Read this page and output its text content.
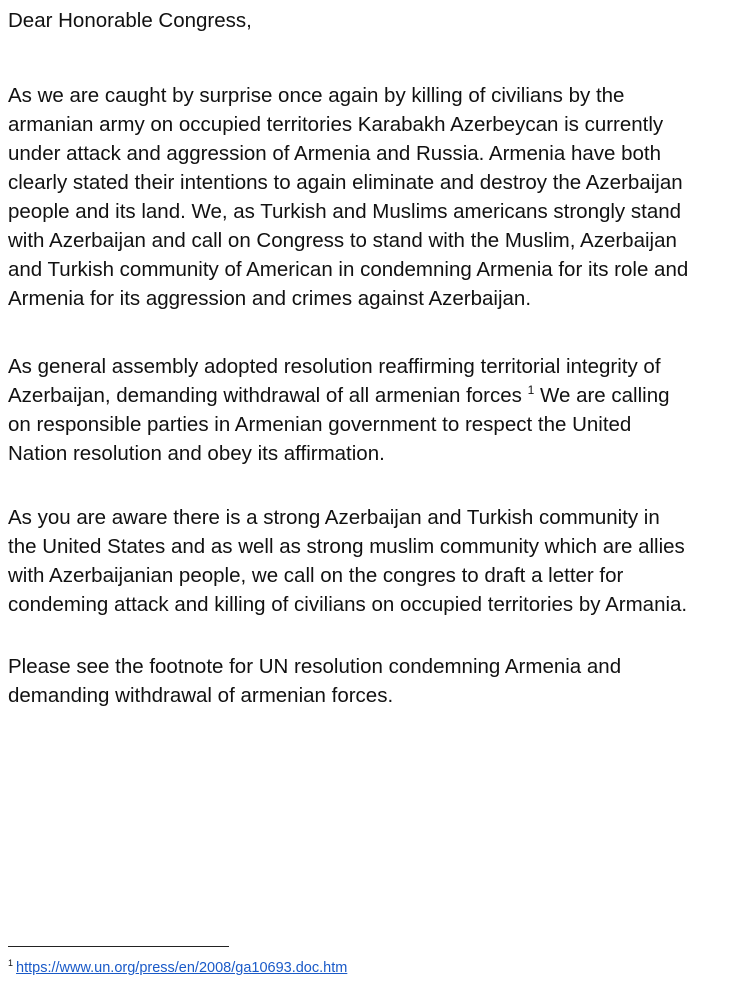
Dear Honorable Congress,

As we are caught by surprise once again by killing of civilians by the
armanian army on occupied territories Karabakh Azerbeycan is currently
under attack and aggression of Armenia and Russia. Armenia have both
clearly stated their intentions to again eliminate and destroy the Azerbaijan
people and its land. We, as Turkish and Muslims americans strongly stand
with Azerbaijan and call on Congress to stand with the Muslim, Azerbaijan
and Turkish community of American in condemning Armenia for its role and
Armenia for its aggression and crimes against Azerbaijan.

As general assembly adopted resolution reaffirming territorial integrity of
Azerbaijan, demanding withdrawal of all armenian forces $^1$ We are calling
on responsible parties in Armenian government to respect the United
Nation resolution and obey its affirmation.

As you are aware there is a strong Azerbaijan and Turkish community in
the United States and as well as strong muslim community which are allies
with Azerbaijanian people, we call on the congres to draft a letter for
condeming attack and killing of civilians on occupied territories by Armania.

Please see the footnote for UN resolution condemning Armenia and
demanding withdrawal of armenian forces.

$^1$ https://www.un.org/press/en/2008/ga10693.doc.htm
